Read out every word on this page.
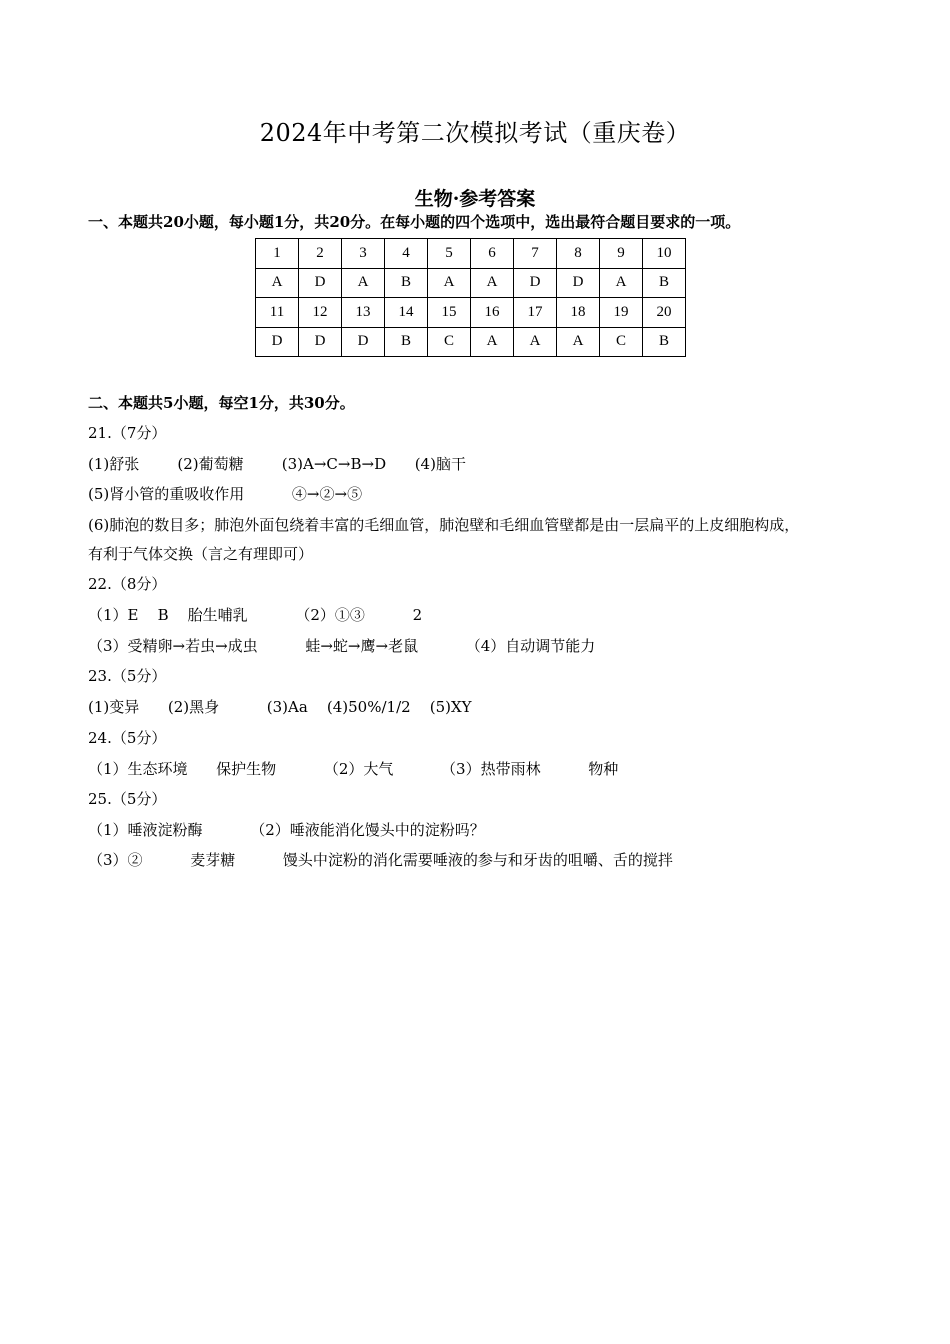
2024年中考第二次模拟考试（重庆卷）
生物·参考答案
一、本题共20小题，每小题1分，共20分。在每小题的四个选项中，选出最符合题目要求的一项。
1	2	3	4	5	6	7	8	9	10
A	D	A	B	A	A	D	D	A	B
11	12	13	14	15	16	17	18	19	20
D	D	D	B	C	A	A	A	C	B
二、本题共5小题，每空1分，共30分。
21.（7分）
(1)舒张        (2)葡萄糖        (3)A→C→B→D      (4)脑干
(5)肾小管的重吸收作用          ④→②→⑤
(6)肺泡的数目多；肺泡外面包绕着丰富的毛细血管，肺泡壁和毛细血管壁都是由一层扁平的上皮细胞构成，
有利于气体交换（言之有理即可）
22.（8分）
（1）E    B    胎生哺乳          （2）①③          2
（3）受精卵→若虫→成虫          蛙→蛇→鹰→老鼠          （4）自动调节能力
23.（5分）
(1)变异      (2)黑身          (3)Aa    (4)50%/1/2    (5)XY
24.（5分）
（1）生态环境      保护生物          （2）大气          （3）热带雨林          物种
25.（5分）
（1）唾液淀粉酶          （2）唾液能消化馒头中的淀粉吗？
（3）②          麦芽糖          馒头中淀粉的消化需要唾液的参与和牙齿的咀嚼、舌的搅拌
